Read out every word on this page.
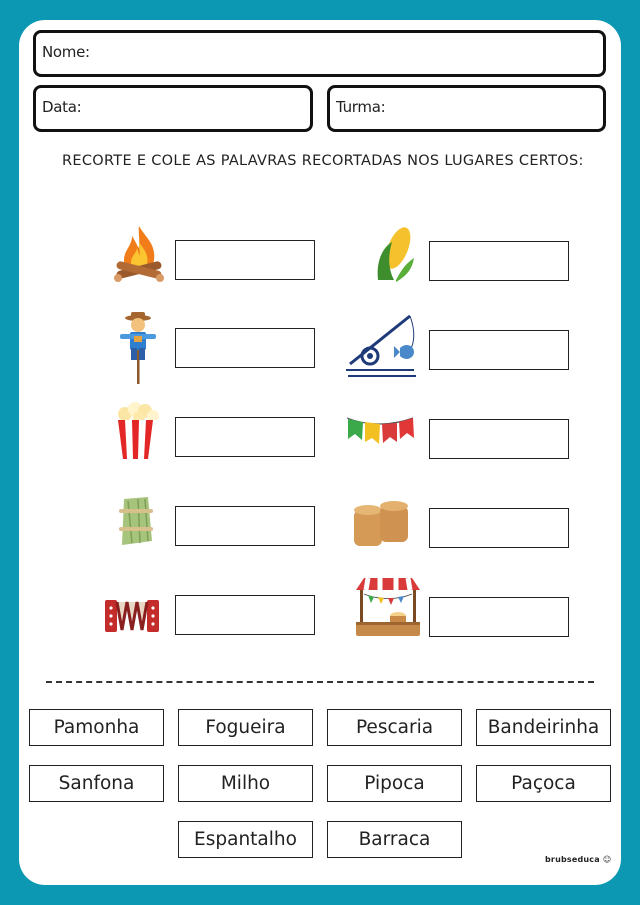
Nome:
Data:	Turma:
RECORTE E COLE AS PALAVRAS RECORTADAS NOS LUGARES CERTOS:
Pamonha	Fogueira	Pescaria	Bandeirinha
Sanfona	Milho	Pipoca	Paçoca
Espantalho	Barraca
brubseduca ☺
